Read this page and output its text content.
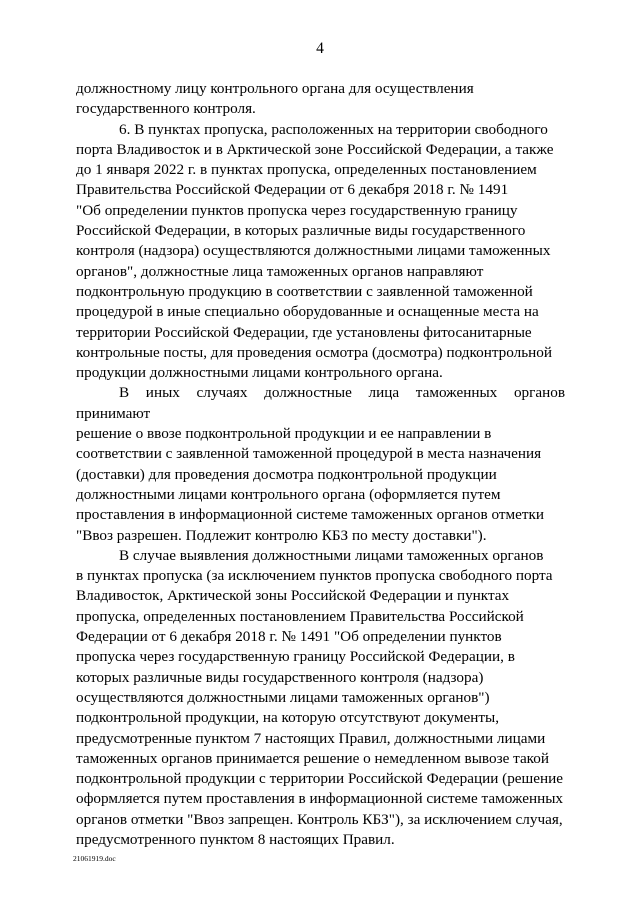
4

должностному лицу контрольного органа для осуществления
государственного контроля.

6. В пунктах пропуска, расположенных на территории свободного
порта Владивосток и в Арктической зоне Российской Федерации, а также
до 1 января 2022 г. в пунктах пропуска, определенных постановлением
Правительства Российской Федерации от 6 декабря 2018 г. № 1491
"Об определении пунктов пропуска через государственную границу
Российской Федерации, в которых различные виды государственного
контроля (надзора) осуществляются должностными лицами таможенных
органов", должностные лица таможенных органов направляют
подконтрольную продукцию в соответствии с заявленной таможенной
процедурой в иные специально оборудованные и оснащенные места на
территории Российской Федерации, где установлены фитосанитарные
контрольные посты, для проведения осмотра (досмотра) подконтрольной
продукции должностными лицами контрольного органа.

В иных случаях должностные лица таможенных органов принимают
решение о ввозе подконтрольной продукции и ее направлении в
соответствии с заявленной таможенной процедурой в места назначения
(доставки) для проведения досмотра подконтрольной продукции
должностными лицами контрольного органа (оформляется путем
проставления в информационной системе таможенных органов отметки
"Ввоз разрешен. Подлежит контролю КБЗ по месту доставки").

В случае выявления должностными лицами таможенных органов
в пунктах пропуска (за исключением пунктов пропуска свободного порта
Владивосток, Арктической зоны Российской Федерации и пунктах
пропуска, определенных постановлением Правительства Российской
Федерации от 6 декабря 2018 г. № 1491 "Об определении пунктов
пропуска через государственную границу Российской Федерации, в
которых различные виды государственного контроля (надзора)
осуществляются должностными лицами таможенных органов")
подконтрольной продукции, на которую отсутствуют документы,
предусмотренные пунктом 7 настоящих Правил, должностными лицами
таможенных органов принимается решение о немедленном вывозе такой
подконтрольной продукции с территории Российской Федерации (решение
оформляется путем проставления в информационной системе таможенных
органов отметки "Ввоз запрещен. Контроль КБЗ"), за исключением случая,
предусмотренного пунктом 8 настоящих Правил.

21061919.doc
